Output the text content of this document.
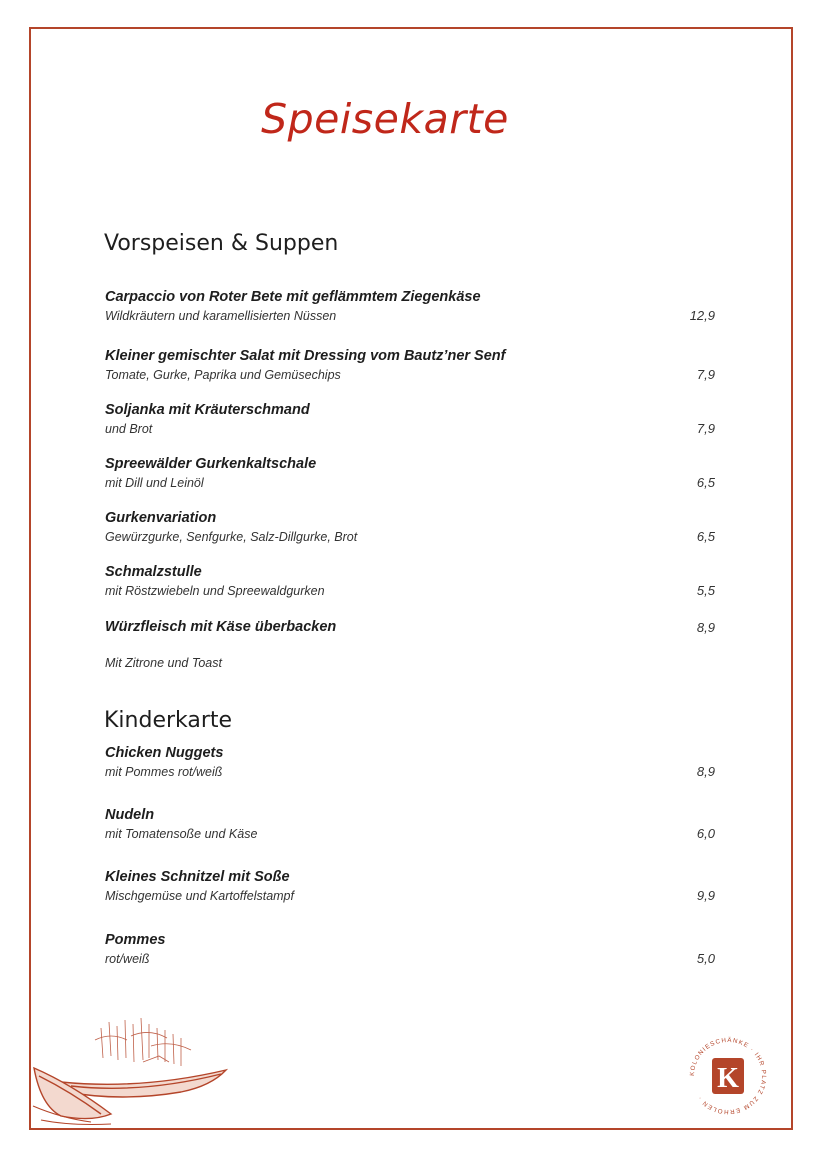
Speisekarte
Vorspeisen & Suppen
Carpaccio von Roter Bete mit geflämmtem Ziegenkäse
Wildkräutern und karamellisierten Nüssen	12,9
Kleiner gemischter Salat mit Dressing vom Bautz’ner Senf
Tomate, Gurke, Paprika und Gemüsechips	7,9
Soljanka mit Kräuterschmand
und Brot	7,9
Spreewälder Gurkenkaltschale
mit Dill und Leinöl	6,5
Gurkenvariation
Gewürzgurke, Senfgurke, Salz-Dillgurke, Brot	6,5
Schmalzstulle
mit Röstzwiebeln und Spreewaldgurken	5,5
Würzfleisch mit Käse überbacken	8,9
Mit Zitrone und Toast
Kinderkarte
Chicken Nuggets
mit Pommes rot/weiß	8,9
Nudeln
mit Tomatensoße und Käse	6,0
Kleines Schnitzel mit Soße
Mischgemüse und Kartoffelstampf	9,9
Pommes
rot/weiß	5,0
KOLONIESCHÄNKE · IHR PLATZ ZUM ERHOLEN ·
K
